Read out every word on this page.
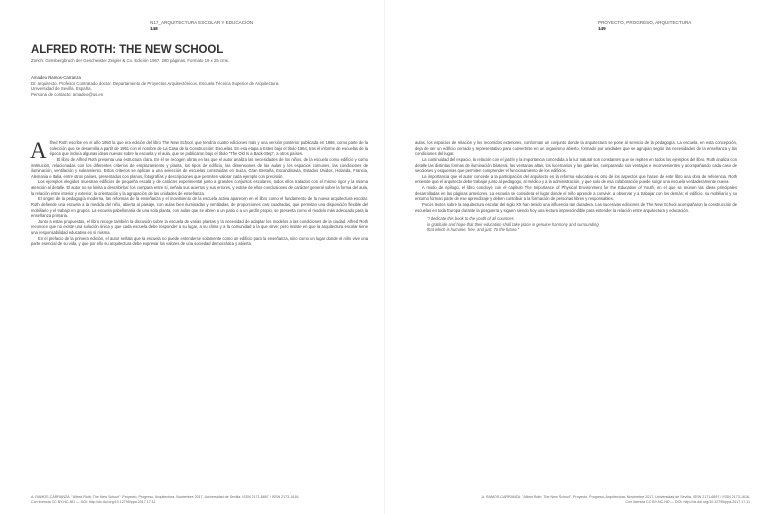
N17_ARQUITECTURA ESCOLAR Y EDUCACIÓN
148
ALFRED ROTH: THE NEW SCHOOL
Zürich: Gimsbergbruch der Geschwister Zeigler & Co. Edición 1957. 280 páginas. Formato 19 x 25 cms.
Amadeo Ramos-Carranza
Dr. arquitecto. Profesor Contratado doctor. Departamento de Proyectos Arquitectónicos. Escuela Técnica Superior de Arquitectura.
Universidad de Sevilla. España.
Persona de contacto: amadeo@us.es

Alfred Roth escribe en el año 1950 la que era edición del libro The New School, que tendría cuatro ediciones más y una versión posterior publicada en 1966, como parte de la colección que se desarrolla a partir de 1951 con el nombre de La Casa de la Construcción: Escuelas. En esa etapa a Estes bajo el título 1964, tras el informe de escuelas de la época que incluía algunas ideas nuevas sobre la escuela y el aula, que se publicaron bajo el título "The Old Is a Back-Step", a otros países.

El libro de Alfred Roth presenta una estructura clara. En él se recogen obras en las que el autor analiza las necesidades de los niños, de la escuela como edificio y como institución, relacionadas con los diferentes criterios de emplazamiento y planta, los tipos de edificio, las dimensiones de las aulas y los espacios comunes, las condiciones de iluminación, ventilación y soleamiento. Estos criterios se aplican a una selección de escuelas construidas en Suiza, Gran Bretaña, Escandinavia, Estados Unidos, Holanda, Francia, Alemania e Italia, entre otros países, presentados con planos, fotografías y descripciones que permiten valorar cada ejemplo con precisión.

Los ejemplos elegidos muestran edificios de pequeña escala y de carácter experimental junto a grandes conjuntos escolares, todos ellos tratados con el mismo rigor y la misma atención al detalle. El autor no se limita a describirlos: los compara entre sí, señala sus aciertos y sus errores, y extrae de ellos conclusiones de carácter general sobre la forma del aula, la relación entre interior y exterior, la orientación y la agrupación de las unidades de enseñanza.

El origen de la pedagogía moderna, las reformas de la enseñanza y el movimiento de la escuela activa aparecen en el libro como el fundamento de la nueva arquitectura escolar. Roth defiende una escuela a la medida del niño, abierta al paisaje, con aulas bien iluminadas y ventiladas, de proporciones casi cuadradas, que permitan una disposición flexible del mobiliario y el trabajo en grupos. La escuela pabellonaria de una sola planta, con aulas que se abren a un patio o a un jardín propio, se presenta como el modelo más adecuado para la enseñanza primaria.

Junto a estas propuestas, el libro recoge también la discusión sobre la escuela de varias plantas y la necesidad de adaptar los modelos a las condiciones de la ciudad. Alfred Roth reconoce que no existe una solución única y que cada escuela debe responder a su lugar, a su clima y a la comunidad a la que sirve; pero insiste en que la arquitectura escolar tiene una responsabilidad educativa en sí misma.

En el prefacio de la primera edición, el autor señala que la escuela no puede entenderse solamente como un edificio para la enseñanza, sino como un lugar donde el niño vive una parte esencial de su vida, y que por ello su arquitectura debe expresar los valores de una sociedad democrática y abierta.

A. RAMOS-CARRANZA. "Alfred Roth: The New School". Proyecto, Progreso, Arquitectura. Noviembre 2017. Universidad de Sevilla. ISSN 2171-6897 / ISSN 2173-1616.
Con licencia CC BY-NC-ND — DOI: http://dx.doi.org/10.12795/ppa.2017.17.11
PROYECTO, PROGRESO, ARQUITECTURA
149

aulas, los espacios de relación y los recorridos exteriores, conforman un conjunto donde la arquitectura se pone al servicio de la pedagogía. La escuela, en esta concepción, deja de ser un edificio cerrado y representativo para convertirse en un organismo abierto, formado por unidades que se agrupan según las necesidades de la enseñanza y las condiciones del lugar.

La continuidad del espacio, la relación con el jardín y la importancia concedida a la luz natural son constantes que se repiten en todos los ejemplos del libro. Roth analiza con detalle las distintas formas de iluminación bilateral, las ventanas altas, los lucernarios y las galerías, comparando sus ventajas e inconvenientes y acompañando cada caso de secciones y esquemas que permiten comprender el funcionamiento de los edificios.

La importancia que el autor concede a la participación del arquitecto en la reforma educativa es otro de los aspectos que hacen de este libro una obra de referencia. Roth entiende que el arquitecto debe trabajar junto al pedagogo, al médico y a la administración, y que solo de esa colaboración puede surgir una escuela verdaderamente nueva.

A modo de epílogo, el libro concluye con el capítulo The Importance of Physical Environment for the Education of Youth, en el que se reúnen las ideas principales desarrolladas en las páginas anteriores. La escuela se considera el lugar donde el niño aprende a convivir, a observar y a trabajar con los demás; el edificio, su mobiliario y su entorno forman parte de ese aprendizaje y deben contribuir a la formación de personas libres y responsables.

Pocos textos sobre la arquitectura escolar del siglo XX han tenido una influencia tan duradera. Las sucesivas ediciones de The New School acompañaron la construcción de escuelas en toda Europa durante la posguerra y siguen siendo hoy una lectura imprescindible para entender la relación entre arquitectura y educación.

"I dedicate this book to the youth of all countries
in gratitude and hope that their education shall take place in genuine harmony and surrounding
that which is humane, free, and just. To the future."
A. RAMOS-CARRANZA. "Alfred Roth: The New School". Proyecto, Progreso, Arquitectura. Noviembre 2017. Universidad de Sevilla. ISSN 2171-6897 / ISSN 2173-1616.
Con licencia CC BY-NC-ND — DOI: http://dx.doi.org/10.12795/ppa.2017.17.11
